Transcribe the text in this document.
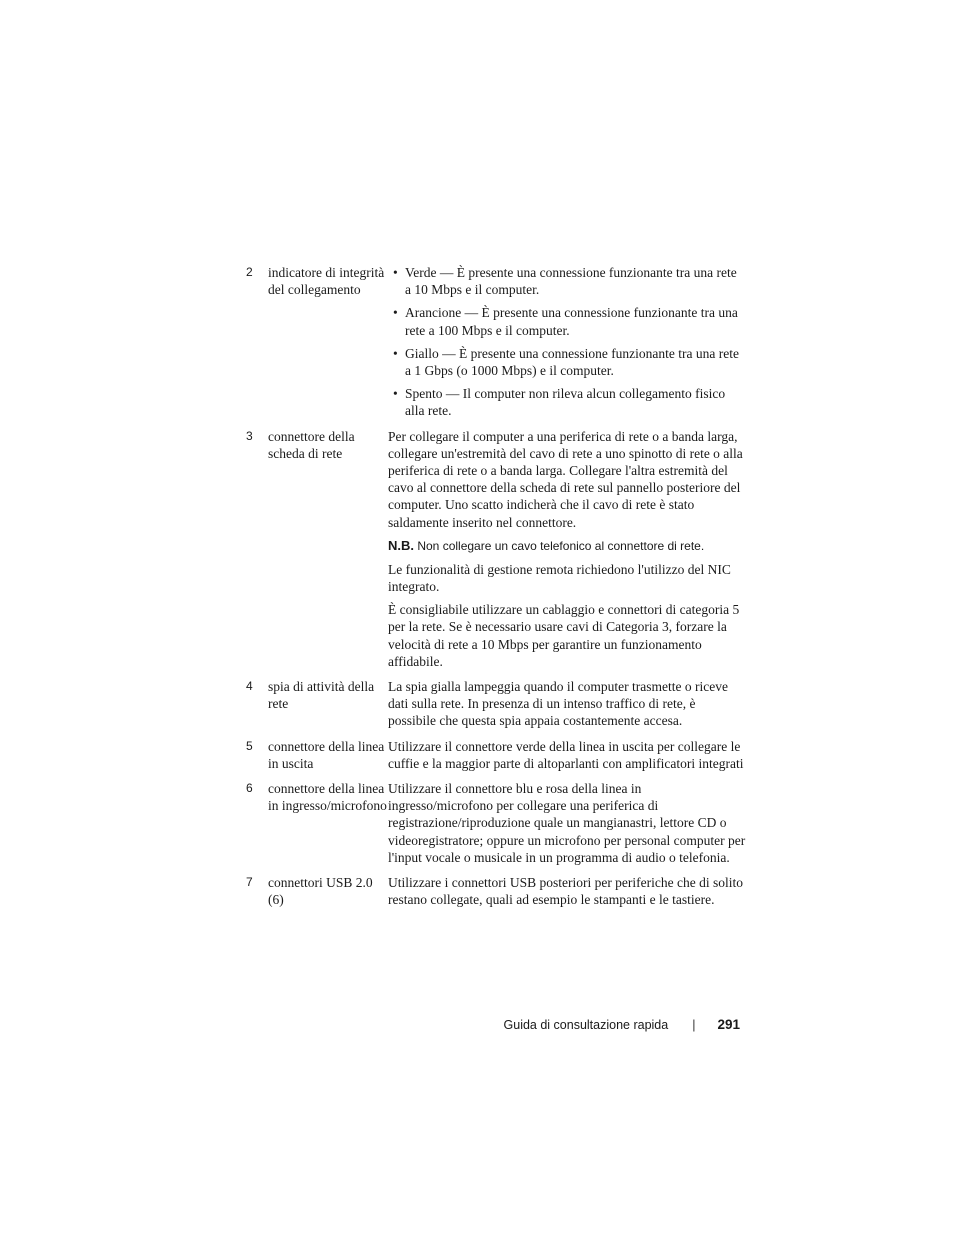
2	indicatore di integrità del collegamento
• Verde — È presente una connessione funzionante tra una rete a 10 Mbps e il computer.
• Arancione — È presente una connessione funzionante tra una rete a 100 Mbps e il computer.
• Giallo — È presente una connessione funzionante tra una rete a 1 Gbps (o 1000 Mbps) e il computer.
• Spento — Il computer non rileva alcun collegamento fisico alla rete.
3	connettore della scheda di rete

Per collegare il computer a una periferica di rete o a banda larga, collegare un'estremità del cavo di rete a uno spinotto di rete o alla periferica di rete o a banda larga. Collegare l'altra estremità del cavo al connettore della scheda di rete sul pannello posteriore del computer. Uno scatto indicherà che il cavo di rete è stato saldamente inserito nel connettore.

N.B. Non collegare un cavo telefonico al connettore di rete.

Le funzionalità di gestione remota richiedono l'utilizzo del NIC integrato.

È consigliabile utilizzare un cablaggio e connettori di categoria 5 per la rete. Se è necessario usare cavi di Categoria 3, forzare la velocità di rete a 10 Mbps per garantire un funzionamento affidabile.

4	spia di attività della rete
La spia gialla lampeggia quando il computer trasmette o riceve dati sulla rete. In presenza di un intenso traffico di rete, è possibile che questa spia appaia costantemente accesa.
5	connettore della linea in uscita
Utilizzare il connettore verde della linea in uscita per collegare le cuffie e la maggior parte di altoparlanti con amplificatori integrati
6	connettore della linea in ingresso/microfono
Utilizzare il connettore blu e rosa della linea in ingresso/microfono per collegare una periferica di registrazione/riproduzione quale un mangianastri, lettore CD o videoregistratore; oppure un microfono per personal computer per l'input vocale o musicale in un programma di audio o telefonia.
7	connettori USB 2.0 (6)
Utilizzare i connettori USB posteriori per periferiche che di solito restano collegate, quali ad esempio le stampanti e le tastiere.
Guida di consultazione rapida | 291
